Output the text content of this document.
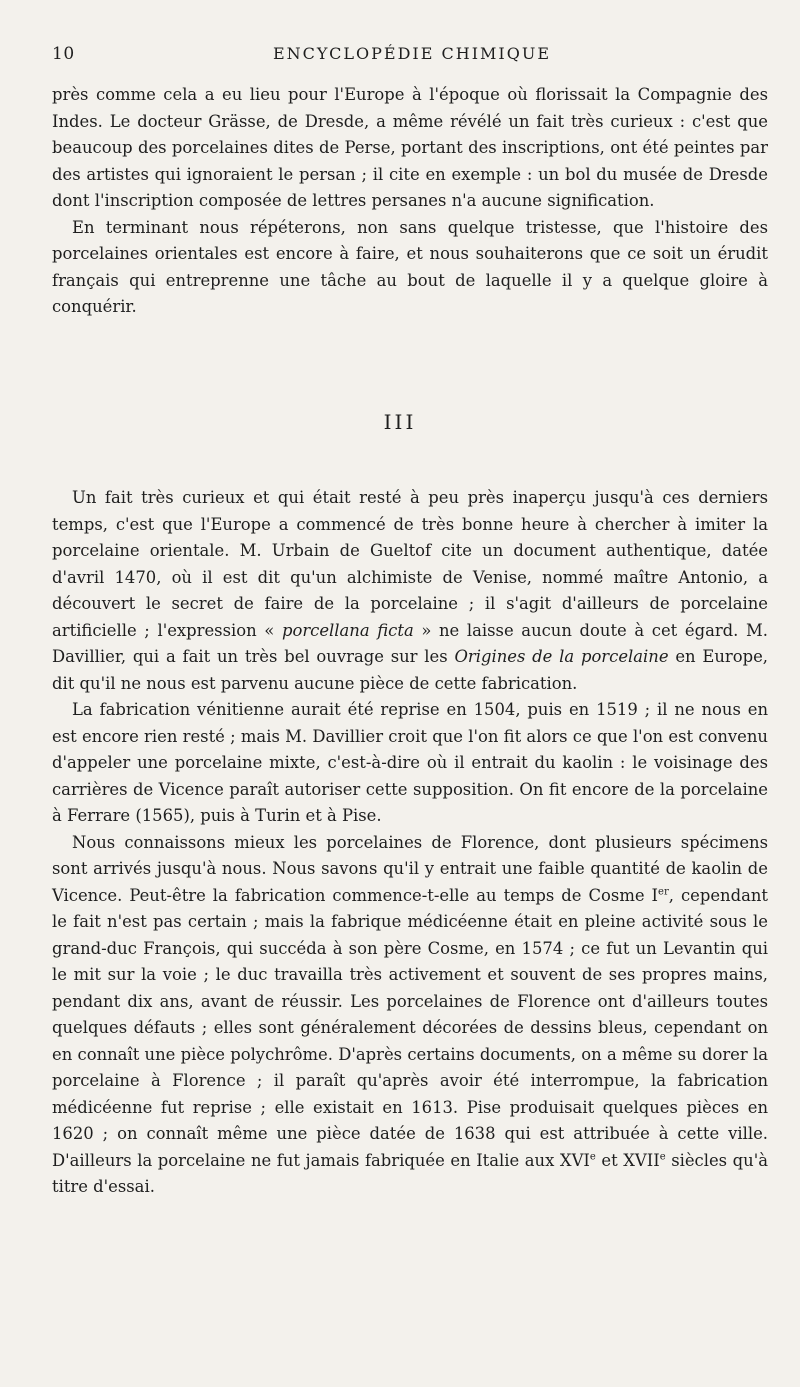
10	ENCYCLOPÉDIE CHIMIQUE

près comme cela a eu lieu pour l'Europe à l'époque où florissait la Compagnie des Indes. Le docteur Grässe, de Dresde, a même révélé un fait très curieux : c'est que beaucoup des porcelaines dites de Perse, portant des inscriptions, ont été peintes par des artistes qui ignoraient le persan ; il cite en exemple : un bol du musée de Dresde dont l'inscription composée de lettres persanes n'a aucune signification.

En terminant nous répéterons, non sans quelque tristesse, que l'histoire des porcelaines orientales est encore à faire, et nous souhaiterons que ce soit un érudit français qui entreprenne une tâche au bout de laquelle il y a quelque gloire à conquérir.

III

Un fait très curieux et qui était resté à peu près inaperçu jusqu'à ces derniers temps, c'est que l'Europe a commencé de très bonne heure à chercher à imiter la porcelaine orientale. M. Urbain de Gueltof cite un document authentique, datée d'avril 1470, où il est dit qu'un alchimiste de Venise, nommé maître Antonio, a découvert le secret de faire de la porcelaine ; il s'agit d'ailleurs de porcelaine artificielle ; l'expression « porcellana ficta » ne laisse aucun doute à cet égard. M. Davillier, qui a fait un très bel ouvrage sur les Origines de la porcelaine en Europe, dit qu'il ne nous est parvenu aucune pièce de cette fabrication.

La fabrication vénitienne aurait été reprise en 1504, puis en 1519 ; il ne nous en est encore rien resté ; mais M. Davillier croit que l'on fit alors ce que l'on est convenu d'appeler une porcelaine mixte, c'est-à-dire où il entrait du kaolin : le voisinage des carrières de Vicence paraît autoriser cette supposition. On fit encore de la porcelaine à Ferrare (1565), puis à Turin et à Pise.

Nous connaissons mieux les porcelaines de Florence, dont plusieurs spécimens sont arrivés jusqu'à nous. Nous savons qu'il y entrait une faible quantité de kaolin de Vicence. Peut-être la fabrication commence-t-elle au temps de Cosme Ier, cependant le fait n'est pas certain ; mais la fabrique médicéenne était en pleine activité sous le grand-duc François, qui succéda à son père Cosme, en 1574 ; ce fut un Levantin qui le mit sur la voie ; le duc travailla très activement et souvent de ses propres mains, pendant dix ans, avant de réussir. Les porcelaines de Florence ont d'ailleurs toutes quelques défauts ; elles sont généralement décorées de dessins bleus, cependant on en connaît une pièce polychrôme. D'après certains documents, on a même su dorer la porcelaine à Florence ; il paraît qu'après avoir été interrompue, la fabrication médicéenne fut reprise ; elle existait en 1613. Pise produisait quelques pièces en 1620 ; on connaît même une pièce datée de 1638 qui est attribuée à cette ville. D'ailleurs la porcelaine ne fut jamais fabriquée en Italie aux XVIe et XVIIe siècles qu'à titre d'essai.
